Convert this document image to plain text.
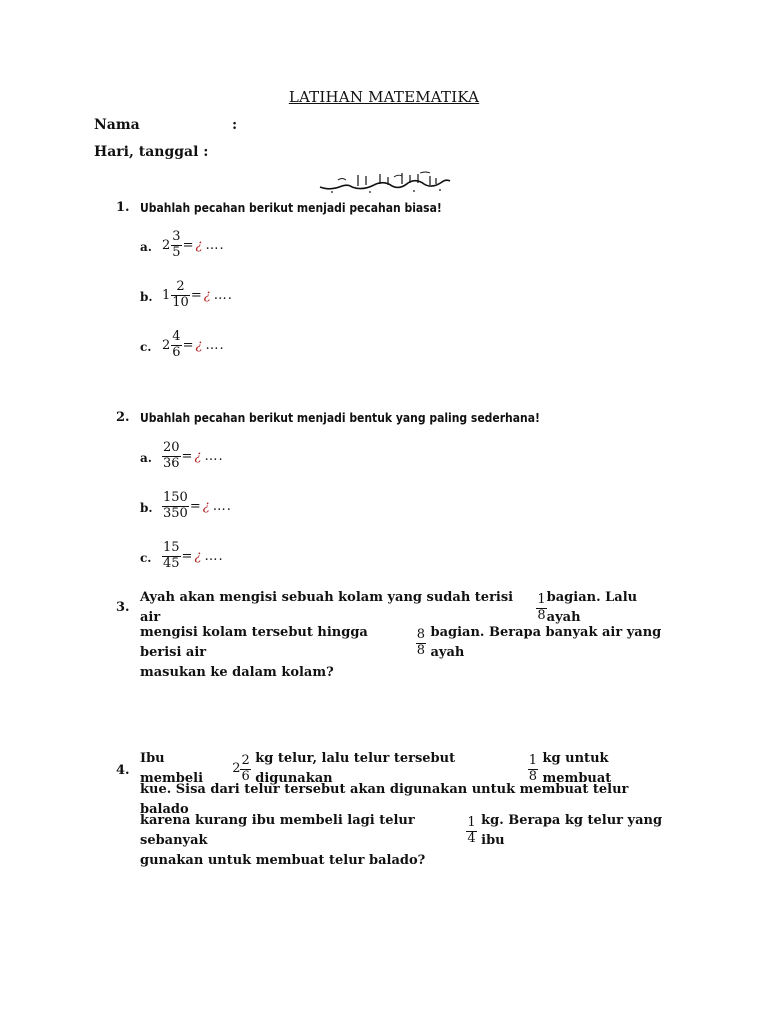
LATIHAN MATEMATIKA
Nama	:
Hari, tanggal :
1. Ubahlah pecahan berikut menjadi pecahan biasa!
a. $2 \frac{3}{5}$ = ¿ ….
b. $1 \frac{2}{10}$ = ¿ ….
c. $2 \frac{4}{6}$ = ¿ ….
2. Ubahlah pecahan berikut menjadi bentuk yang paling sederhana!
a. $\frac{20}{36}$ = ¿ ….
b. $\frac{150}{350}$ = ¿ ….
c. $\frac{15}{45}$ = ¿ ….
3.
Ayah akan mengisi sebuah kolam yang sudah terisi air	$\frac{1}{8}$ bagian. Lalu ayah
mengisi kolam tersebut hingga berisi air
	$\frac{8}{8}$
bagian. Berapa banyak air yang ayah
masukan ke dalam kolam?
4.
Ibu membeli

$2 \frac{2}{6}$
kg telur, lalu telur tersebut digunakan
	$\frac{1}{8}$
kg untuk membuat
kue. Sisa dari telur tersebut akan digunakan untuk membuat telur balado
karena kurang ibu membeli lagi telur sebanyak
	$\frac{1}{4}$
kg. Berapa kg telur yang ibu
gunakan untuk membuat telur balado?
